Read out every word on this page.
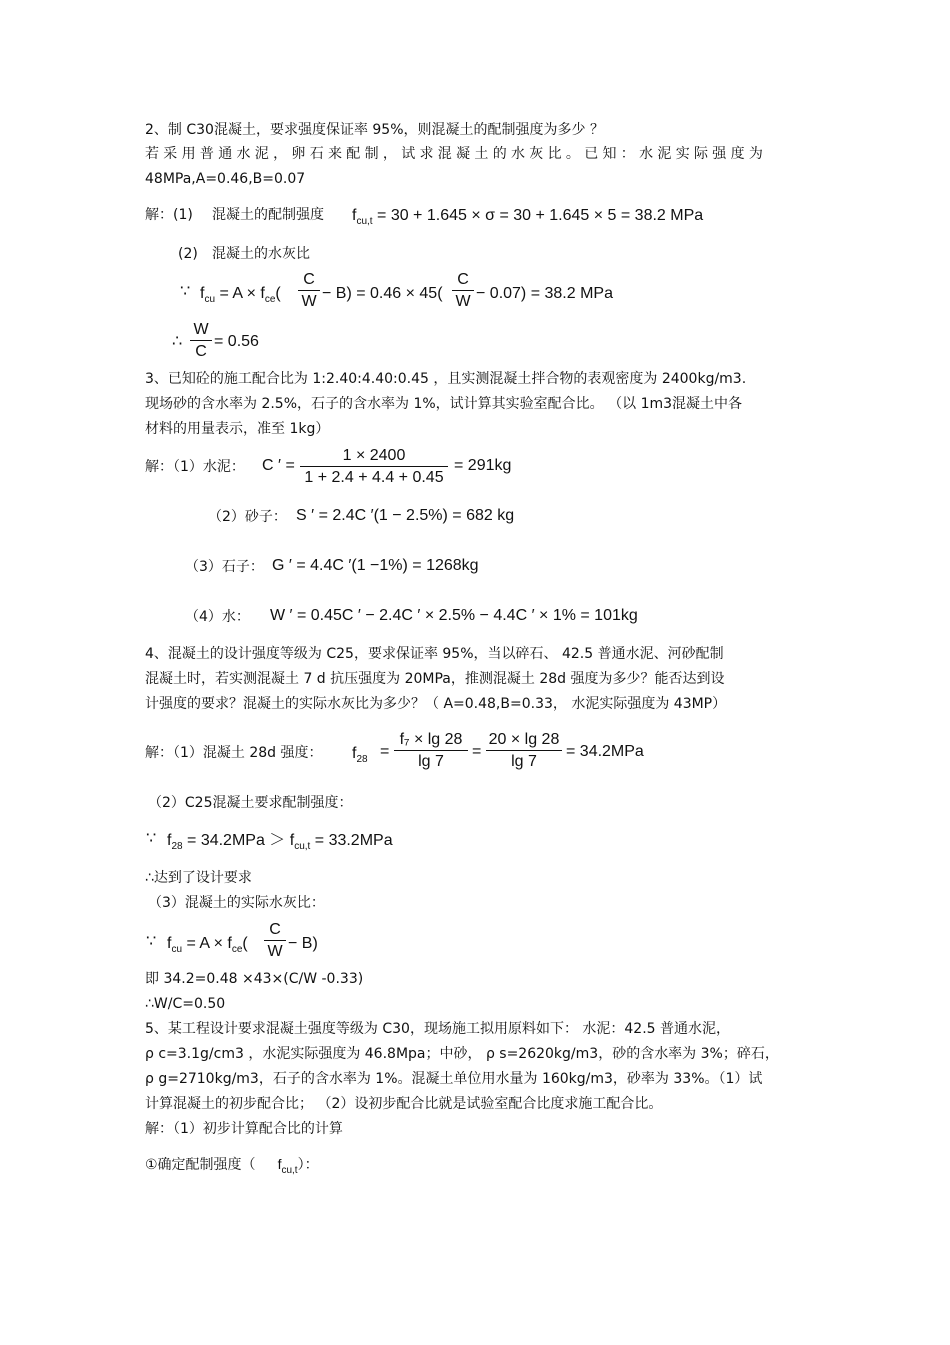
2、制 C30混凝土，要求强度保证率 95%，则混凝土的配制强度为多少 ？
若采用普通水泥，卵石来配制，试求混凝土的水灰比。已知：水泥实际强度为
48MPa,A=0.46,B=0.07
解：(1) 混凝土的配制强度 $f_{cu,t} = 30 + 1.645 \times \sigma = 30 + 1.645 \times 5 = 38.2$ MPa
(2) 混凝土的水灰比
∵ $f_{cu} = A \times f_{ce}( \frac{C}{W} - B) = 0.46 \times 45( \frac{C}{W} - 0.07) = 38.2$ MPa
∴ $\frac{W}{C} = 0.56$
3、已知砼的施工配合比为 1:2.40:4.40:0.45 ，且实测混凝土拌合物的表观密度为 2400kg/m3.
现场砂的含水率为 2.5%，石子的含水率为 1%，试计算其实验室配合比。 （以 1m3混凝土中各
材料的用量表示，准至 1kg）
解：（1）水泥： C ′ = $\frac{1 \times 2400}{1 + 2.4 + 4.4 + 0.45} = 291kg$
（2）砂子： S ′ = 2.4C ′(1 − 2.5%) = 682 kg
（3）石子： G ′ = 4.4C ′(1 −1%) = 1268kg
（4）水： W ′ = 0.45C ′ − 2.4C ′ × 2.5% − 4.4C ′ × 1% = 101kg
4、混凝土的设计强度等级为 C25，要求保证率 95%，当以碎石、 42.5 普通水泥、河砂配制
混凝土时，若实测混凝土 7 d 抗压强度为 20MPa，推测混凝土 28d 强度为多少？能否达到设
计强度的要求？混凝土的实际水灰比为多少？（ A=0.48,B=0.33， 水泥实际强度为 43MP）
解：（1）混凝土 28d 强度： $f_{28} = \frac{\text{f₇ × lg 28}}{\lg 7} = \frac{20 \times \lg 28}{\lg 7} = 34.2MPa$
（2）C25混凝土要求配制强度：
∵ $f_{28} = 34.2MPa > f_{cu,t} = 33.2MPa$
∴达到了设计要求
（3）混凝土的实际水灰比：
∵ $f_{cu} = A \times f_{ce}( \frac{C}{W} - B)$
即 34.2=0.48 ×43×(C/W -0.33)
∴W/C=0.50
5、某工程设计要求混凝土强度等级为 C30，现场施工拟用原料如下： 水泥：42.5 普通水泥，
ρ c=3.1g/cm3 ，水泥实际强度为 46.8Mpa；中砂， ρ s=2620kg/m3，砂的含水率为 3%；碎石，
ρ g=2710kg/m3，石子的含水率为 1%。混凝土单位用水量为 160kg/m3，砂率为 33%。（1）试
计算混凝土的初步配合比； （2）设初步配合比就是试验室配合比度求施工配合比。
解：（1）初步计算配合比的计算
①确定配制强度（ $f_{cu,t}$）：
